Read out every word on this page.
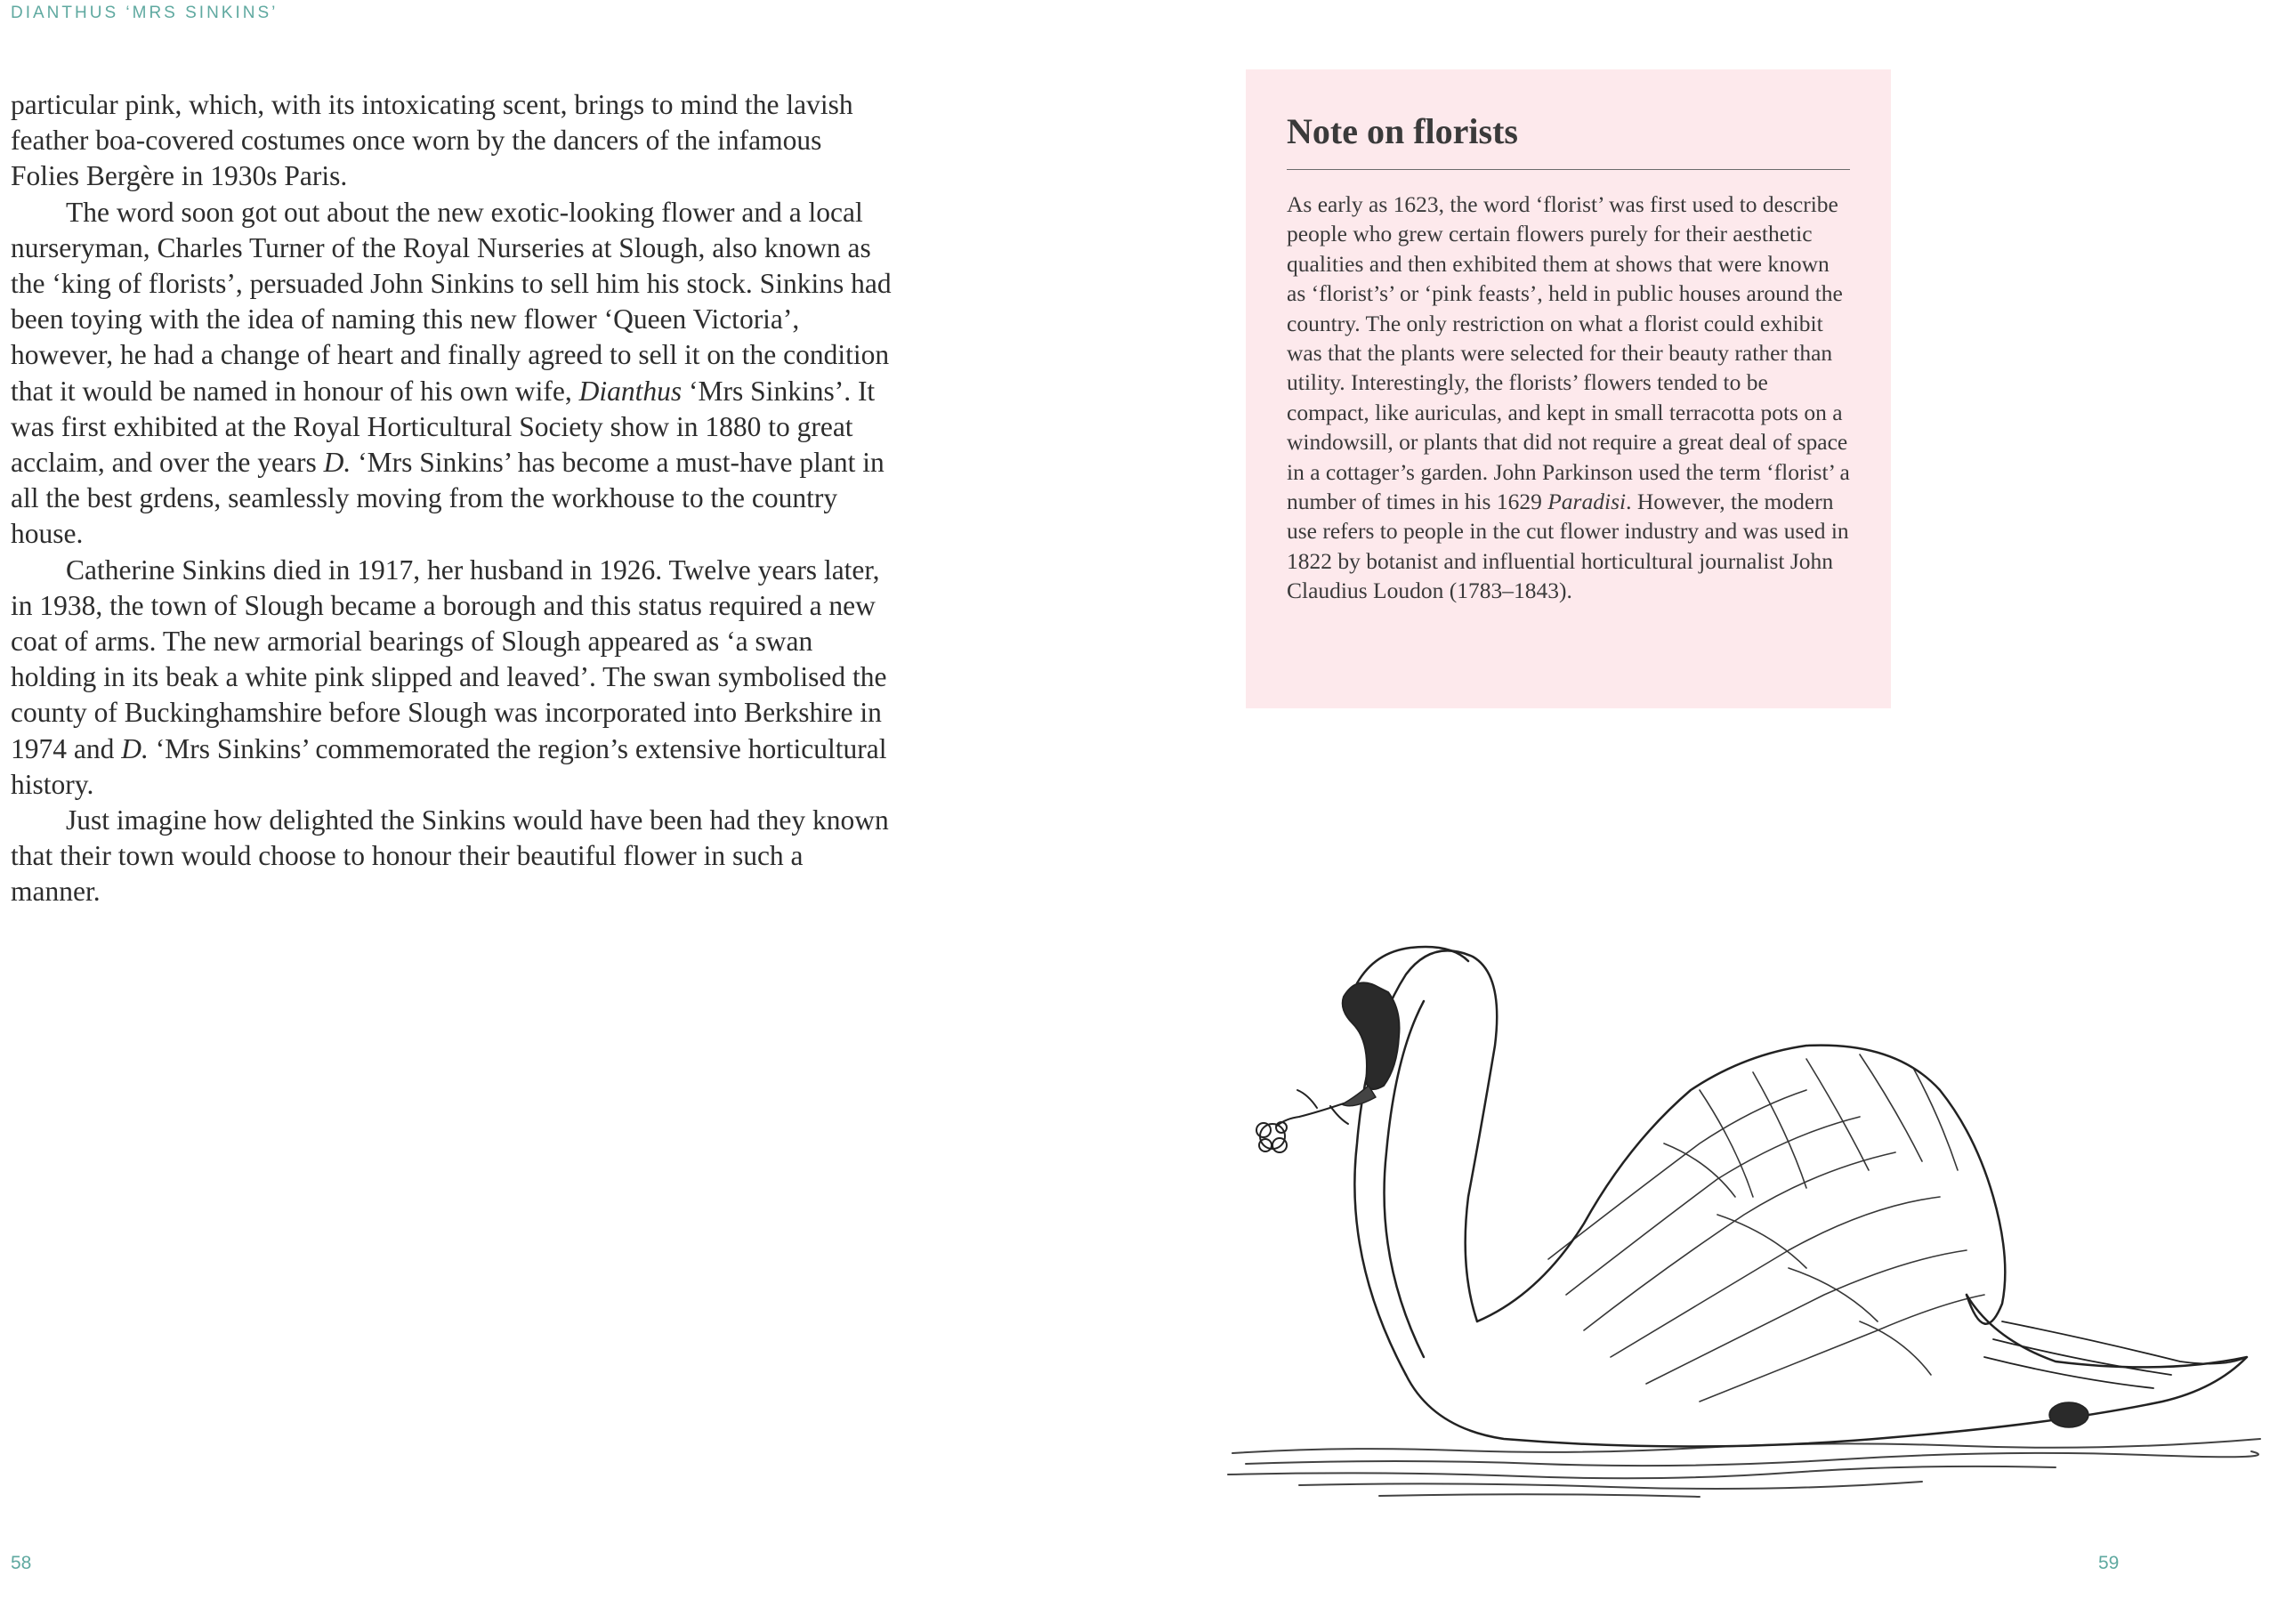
DIANTHUS ‘MRS SINKINS’

particular pink, which, with its intoxicating scent, brings to mind the lavish feather boa-covered costumes once worn by the dancers of the infamous Folies Bergère in 1930s Paris.

The word soon got out about the new exotic-looking flower and a local nurseryman, Charles Turner of the Royal Nurseries at Slough, also known as the ‘king of florists’, persuaded John Sinkins to sell him his stock. Sinkins had been toying with the idea of naming this new flower ‘Queen Victoria’, however, he had a change of heart and finally agreed to sell it on the condition that it would be named in honour of his own wife, Dianthus ‘Mrs Sinkins’. It was first exhibited at the Royal Horticultural Society show in 1880 to great acclaim, and over the years D. ‘Mrs Sinkins’ has become a must-have plant in all the best grdens, seamlessly moving from the workhouse to the country house.

Catherine Sinkins died in 1917, her husband in 1926. Twelve years later, in 1938, the town of Slough became a borough and this status required a new coat of arms. The new armorial bearings of Slough appeared as ‘a swan holding in its beak a white pink slipped and leaved’. The swan symbolised the county of Buckinghamshire before Slough was incorporated into Berkshire in 1974 and D. ‘Mrs Sinkins’ commemorated the region’s extensive horticultural history.

Just imagine how delighted the Sinkins would have been had they known that their town would choose to honour their beautiful flower in such a manner.

Note on florists

As early as 1623, the word ‘florist’ was first used to describe people who grew certain flowers purely for their aesthetic qualities and then exhibited them at shows that were known as ‘florist’s’ or ‘pink feasts’, held in public houses around the country. The only restriction on what a florist could exhibit was that the plants were selected for their beauty rather than utility. Interestingly, the florists’ flowers tended to be compact, like auriculas, and kept in small terracotta pots on a windowsill, or plants that did not require a great deal of space in a cottager’s garden. John Parkinson used the term ‘florist’ a number of times in his 1629 Paradisi. However, the modern use refers to people in the cut flower industry and was used in 1822 by botanist and influential horticultural journalist John Claudius Loudon (1783–1843).

58	59
